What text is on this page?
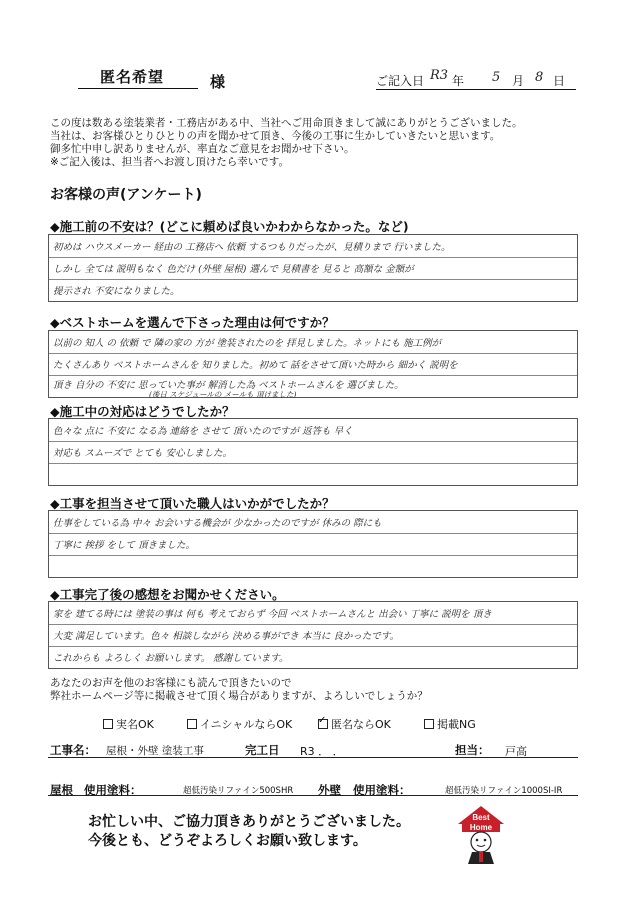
匿名希望	様	ご記入日 R3 年 5 月 8 日
この度は数ある塗装業者・工務店がある中、当社へご用命頂きまして誠にありがとうございました。
当社は、お客様ひとりひとりの声を聞かせて頂き、今後の工事に生かしていきたいと思います。
御多忙中申し訳ありませんが、率直なご意見をお聞かせ下さい。
※ご記入後は、担当者へお渡し頂けたら幸いです。
お客様の声(アンケート)
◆施工前の不安は？(どこに頼めば良いかわからなかった。など)
初めは ハウスメーカー 経由の 工務店へ 依頼 するつもりだったが、見積りまで 行いました。
しかし 全ては 説明もなく 色だけ (外壁 屋根) 選んで 見積書を 見ると 高額な 金額が
提示され 不安になりました。
◆ベストホームを選んで下さった理由は何ですか？
以前の 知人 の 依頼 で 隣の家の 方が 塗装されたのを 拝見しました。ネットにも 施工例が
たくさんあり ベストホームさんを 知りました。初めて 話をさせて頂いた時から 細かく 説明を
頂き 自分の 不安に 思っていた事が 解消した為 ベストホームさんを 選びました。
(後日 スケジュールの メールも 頂けました)
◆施工中の対応はどうでしたか？
色々な 点に 不安に なる為 連絡を させて 頂いたのですが 返答も 早く
対応も スムーズで とても 安心しました。
◆工事を担当させて頂いた職人はいかがでしたか？
仕事をしている為 中々 お会いする機会が 少なかったのですが 休みの 際にも
丁寧に 挨拶 をして 頂きました。
◆工事完了後の感想をお聞かせください。
家を 建てる時には 塗装の事は 何も 考えておらず 今回 ベストホームさんと 出会い 丁寧に 説明を 頂き
大変 満足しています。色々 相談しながら 決める事ができ 本当に 良かったです。
これからも よろしく お願いします。 感謝しています。
あなたのお声を他のお客様にも読んで頂きたいので
弊社ホームページ等に掲載させて頂く場合がありますが、よろしいでしょうか？
実名OK	イニシャルならOK
✓	匿名ならOK	掲載NG
工事名： 屋根・外壁 塗装工事	完工日 R3 ． ．	担当： 戸高
屋根 使用塗料：	超低汚染リファイン500SHR 外壁 使用塗料：	超低汚染リファイン1000SI-IR
お忙しい中、ご協力頂きありがとうございました。
今後とも、どうぞよろしくお願い致します。
Best
Home
